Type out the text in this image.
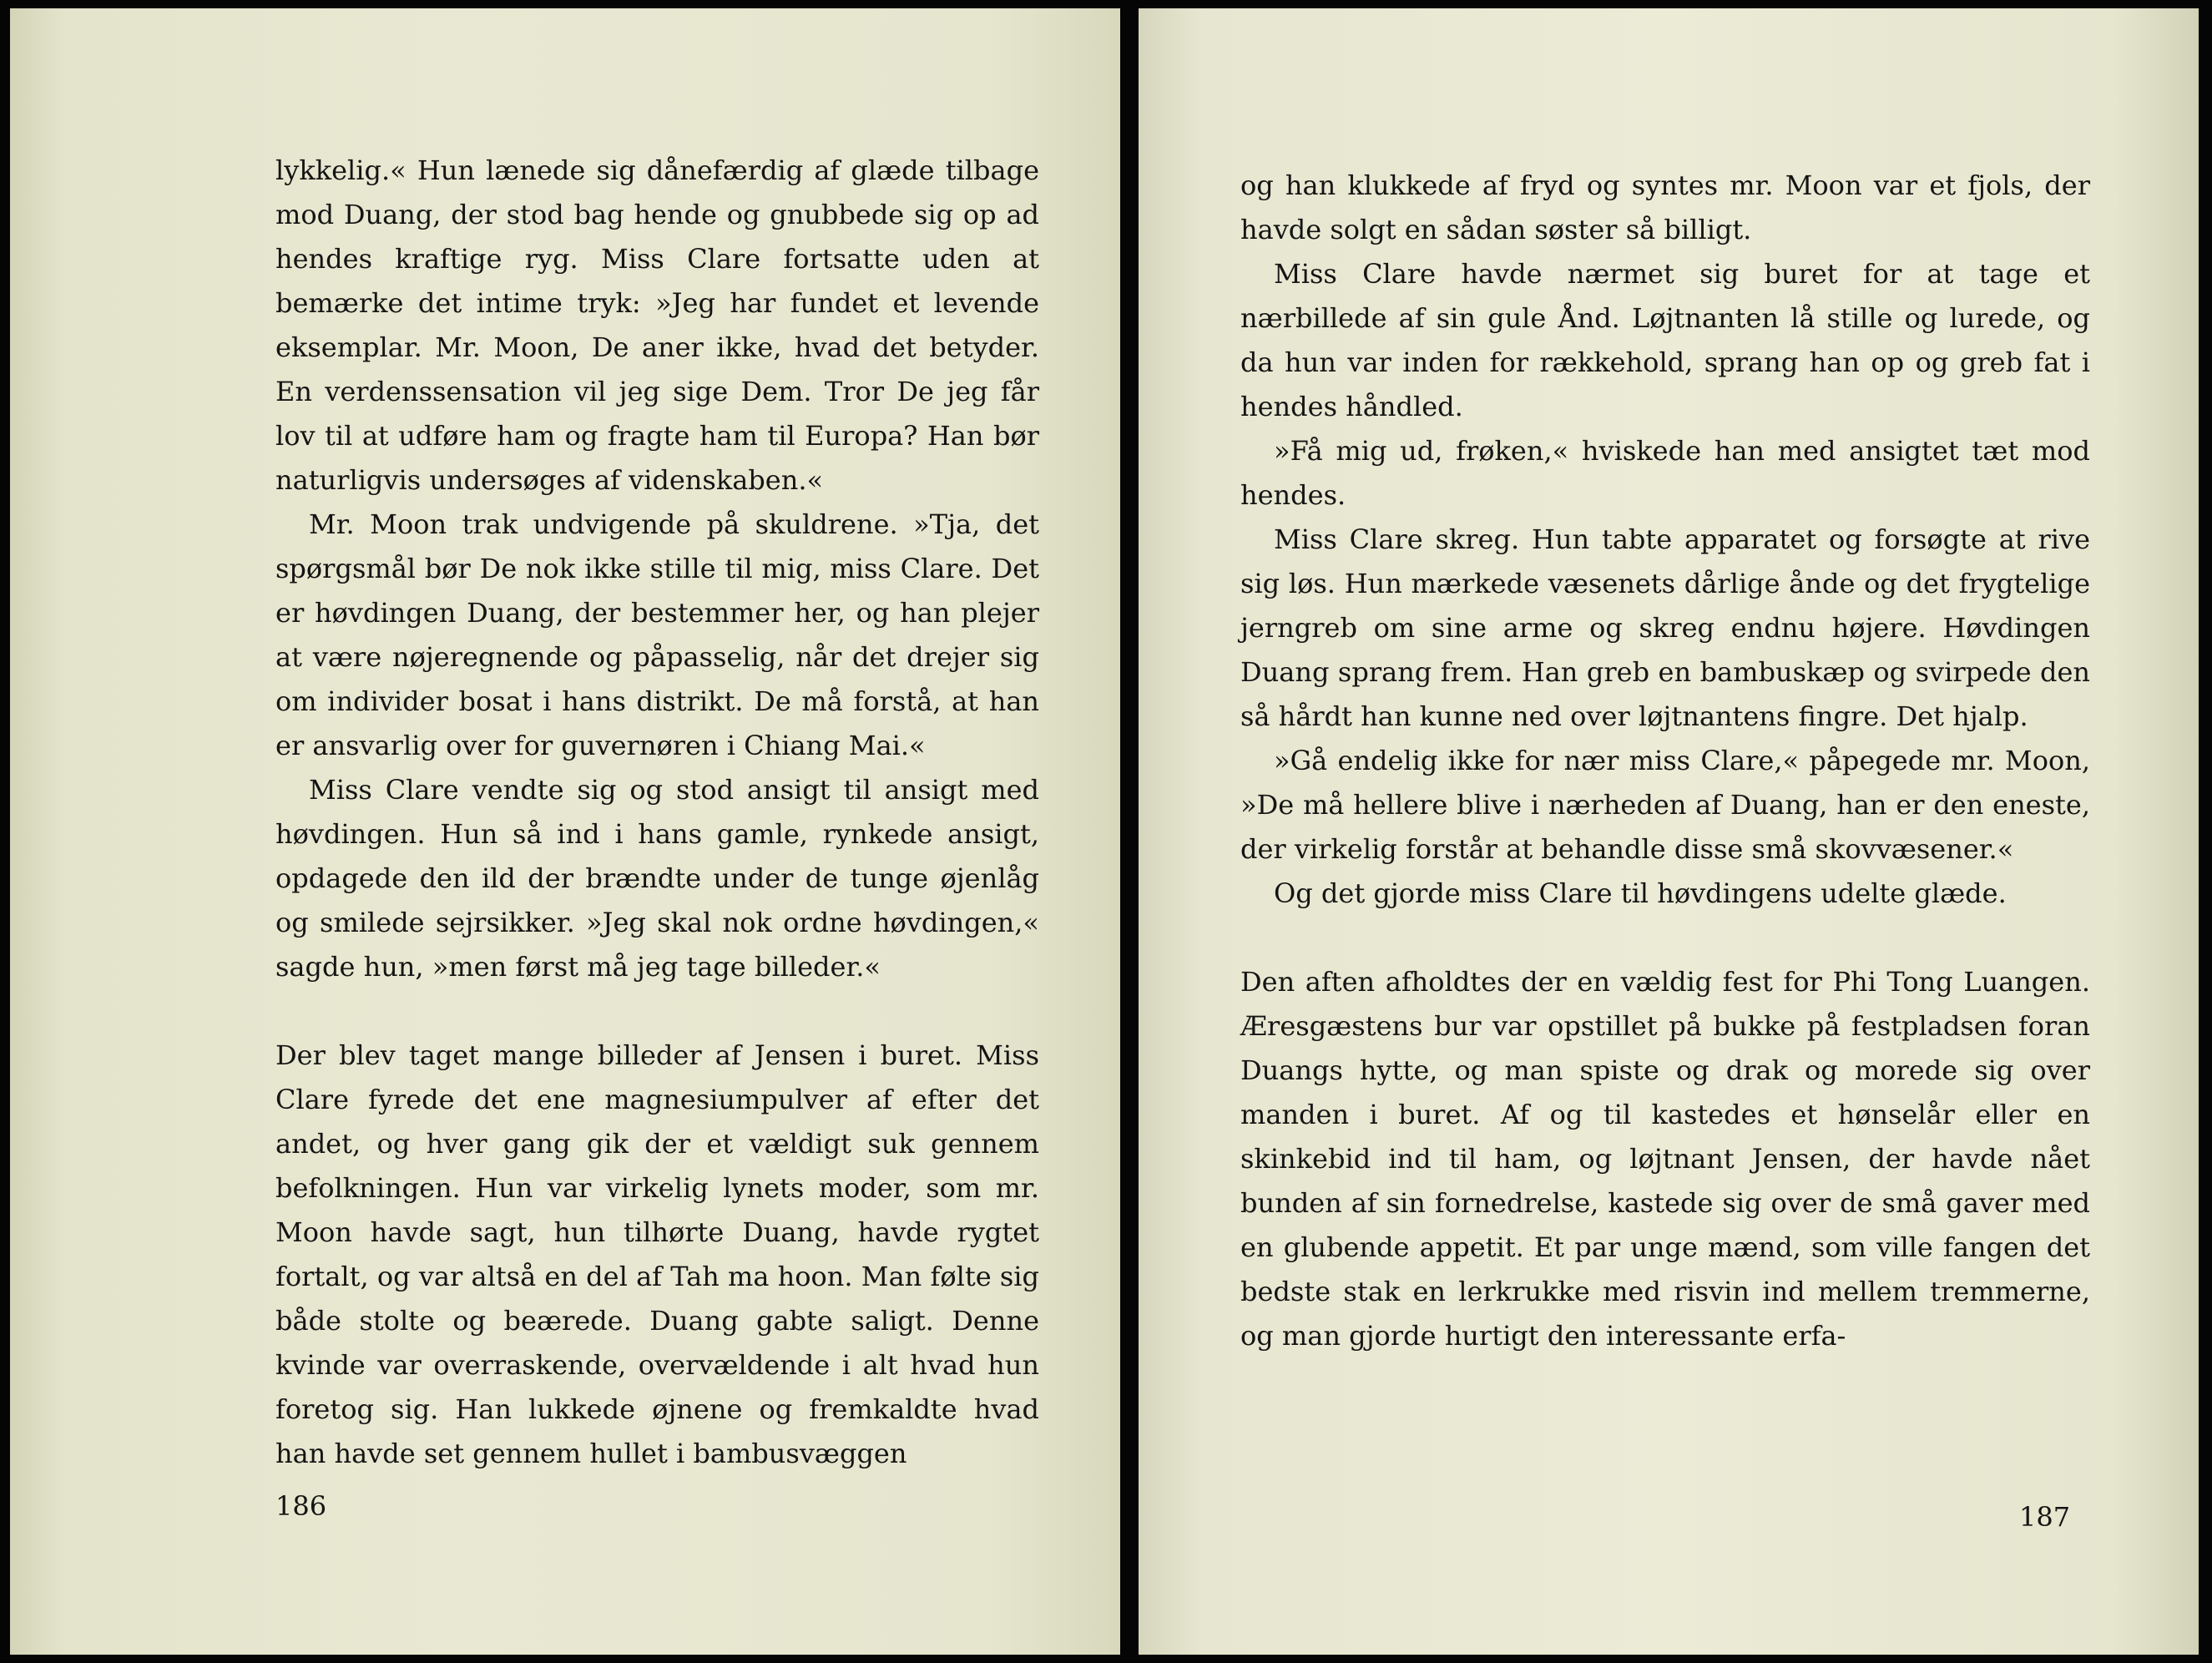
lykkelig.« Hun lænede sig dånefærdig af glæde tilbage mod Duang, der stod bag hende og gnubbede sig op ad hendes kraftige ryg. Miss Clare fortsatte uden at bemærke det intime tryk: »Jeg har fundet et levende eksemplar. Mr. Moon, De aner ikke, hvad det betyder. En verdenssensation vil jeg sige Dem. Tror De jeg får lov til at udføre ham og fragte ham til Europa? Han bør naturligvis undersøges af videnskaben.«

Mr. Moon trak undvigende på skuldrene. »Tja, det spørgsmål bør De nok ikke stille til mig, miss Clare. Det er høvdingen Duang, der bestemmer her, og han plejer at være nøjeregnende og påpasselig, når det drejer sig om individer bosat i hans distrikt. De må forstå, at han er ansvarlig over for guvernøren i Chiang Mai.«

Miss Clare vendte sig og stod ansigt til ansigt med høvdingen. Hun så ind i hans gamle, rynkede ansigt, opdagede den ild der brændte under de tunge øjenlåg og smilede sejrsikker. »Jeg skal nok ordne høvdingen,« sagde hun, »men først må jeg tage billeder.«

Der blev taget mange billeder af Jensen i buret. Miss Clare fyrede det ene magnesiumpulver af efter det andet, og hver gang gik der et vældigt suk gennem befolkningen. Hun var virkelig lynets moder, som mr. Moon havde sagt, hun tilhørte Duang, havde rygtet fortalt, og var altså en del af Tah ma hoon. Man følte sig både stolte og beærede. Duang gabte saligt. Denne kvinde var overraskende, overvældende i alt hvad hun foretog sig. Han lukkede øjnene og fremkaldte hvad han havde set gennem hullet i bambusvæggen

186

og han klukkede af fryd og syntes mr. Moon var et fjols, der havde solgt en sådan søster så billigt.

Miss Clare havde nærmet sig buret for at tage et nærbillede af sin gule Ånd. Løjtnanten lå stille og lurede, og da hun var inden for rækkehold, sprang han op og greb fat i hendes håndled.

»Få mig ud, frøken,« hviskede han med ansigtet tæt mod hendes.

Miss Clare skreg. Hun tabte apparatet og forsøgte at rive sig løs. Hun mærkede væsenets dårlige ånde og det frygtelige jerngreb om sine arme og skreg endnu højere. Høvdingen Duang sprang frem. Han greb en bambuskæp og svirpede den så hårdt han kunne ned over løjtnantens fingre. Det hjalp.

»Gå endelig ikke for nær miss Clare,« påpegede mr. Moon, »De må hellere blive i nærheden af Duang, han er den eneste, der virkelig forstår at behandle disse små skovvæsener.«

Og det gjorde miss Clare til høvdingens udelte glæde.

Den aften afholdtes der en vældig fest for Phi Tong Luangen. Æresgæstens bur var opstillet på bukke på festpladsen foran Duangs hytte, og man spiste og drak og morede sig over manden i buret. Af og til kastedes et hønselår eller en skinkebid ind til ham, og løjtnant Jensen, der havde nået bunden af sin fornedrelse, kastede sig over de små gaver med en glubende appetit. Et par unge mænd, som ville fangen det bedste stak en lerkrukke med risvin ind mellem tremmerne, og man gjorde hurtigt den interessante erfa-

187
